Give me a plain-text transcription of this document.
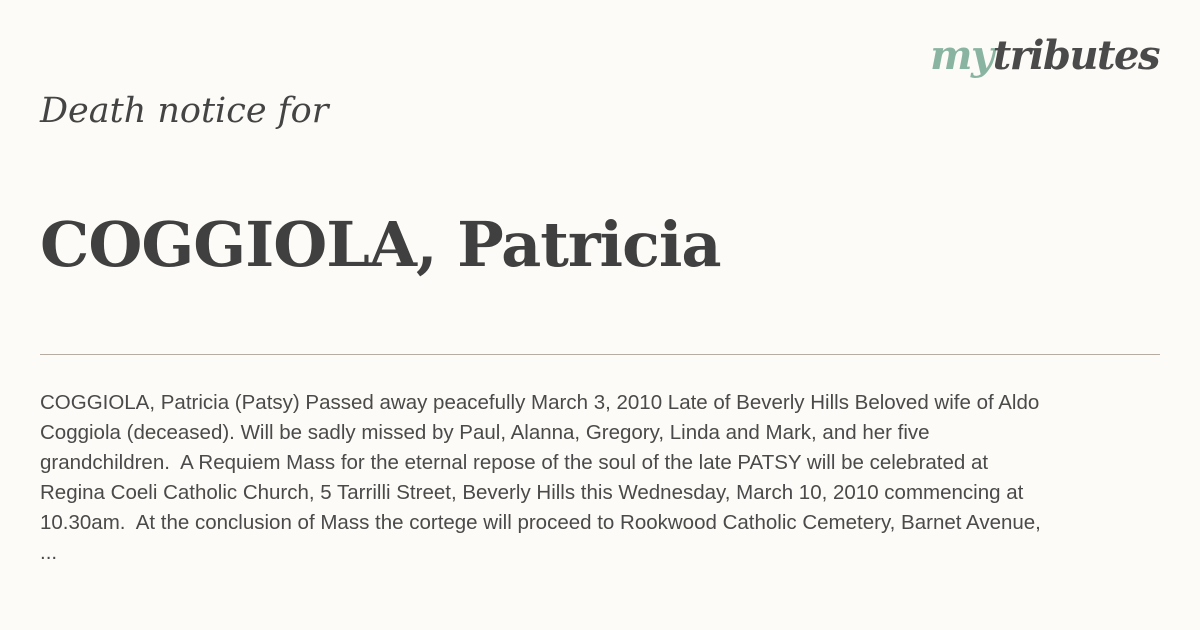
mytributes
Death notice for
COGGIOLA, Patricia
COGGIOLA, Patricia (Patsy) Passed away peacefully March 3, 2010 Late of Beverly Hills Beloved wife of Aldo
Coggiola (deceased). Will be sadly missed by Paul, Alanna, Gregory, Linda and Mark, and her five
grandchildren.  A Requiem Mass for the eternal repose of the soul of the late PATSY will be celebrated at
Regina Coeli Catholic Church, 5 Tarrilli Street, Beverly Hills this Wednesday, March 10, 2010 commencing at
10.30am.  At the conclusion of Mass the cortege will proceed to Rookwood Catholic Cemetery, Barnet Avenue,
...
